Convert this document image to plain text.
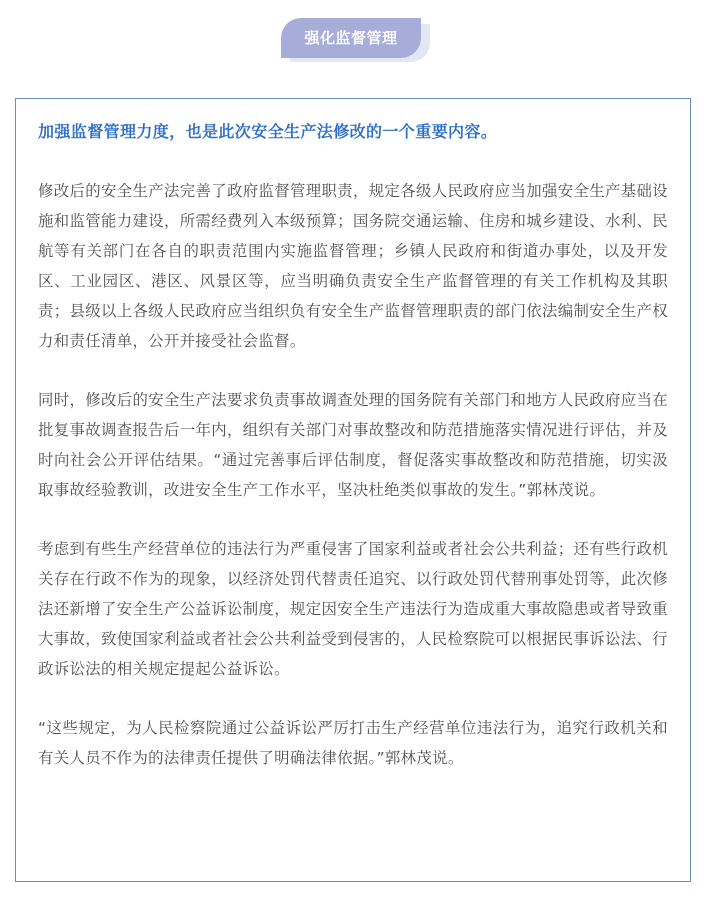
强化监督管理

加强监督管理力度，也是此次安全生产法修改的一个重要内容。

修改后的安全生产法完善了政府监督管理职责，规定各级人民政府应当加强安全生产基础设施和监管能力建设，所需经费列入本级预算；国务院交通运输、住房和城乡建设、水利、民航等有关部门在各自的职责范围内实施监督管理；乡镇人民政府和街道办事处，以及开发区、工业园区、港区、风景区等，应当明确负责安全生产监督管理的有关工作机构及其职责；县级以上各级人民政府应当组织负有安全生产监督管理职责的部门依法编制安全生产权力和责任清单，公开并接受社会监督。

同时，修改后的安全生产法要求负责事故调查处理的国务院有关部门和地方人民政府应当在批复事故调查报告后一年内，组织有关部门对事故整改和防范措施落实情况进行评估，并及时向社会公开评估结果。“通过完善事后评估制度，督促落实事故整改和防范措施，切实汲取事故经验教训，改进安全生产工作水平，坚决杜绝类似事故的发生。”郭林茂说。

考虑到有些生产经营单位的违法行为严重侵害了国家利益或者社会公共利益；还有些行政机关存在行政不作为的现象，以经济处罚代替责任追究、以行政处罚代替刑事处罚等，此次修法还新增了安全生产公益诉讼制度，规定因安全生产违法行为造成重大事故隐患或者导致重大事故，致使国家利益或者社会公共利益受到侵害的，人民检察院可以根据民事诉讼法、行政诉讼法的相关规定提起公益诉讼。

“这些规定，为人民检察院通过公益诉讼严厉打击生产经营单位违法行为，追究行政机关和有关人员不作为的法律责任提供了明确法律依据。”郭林茂说。
